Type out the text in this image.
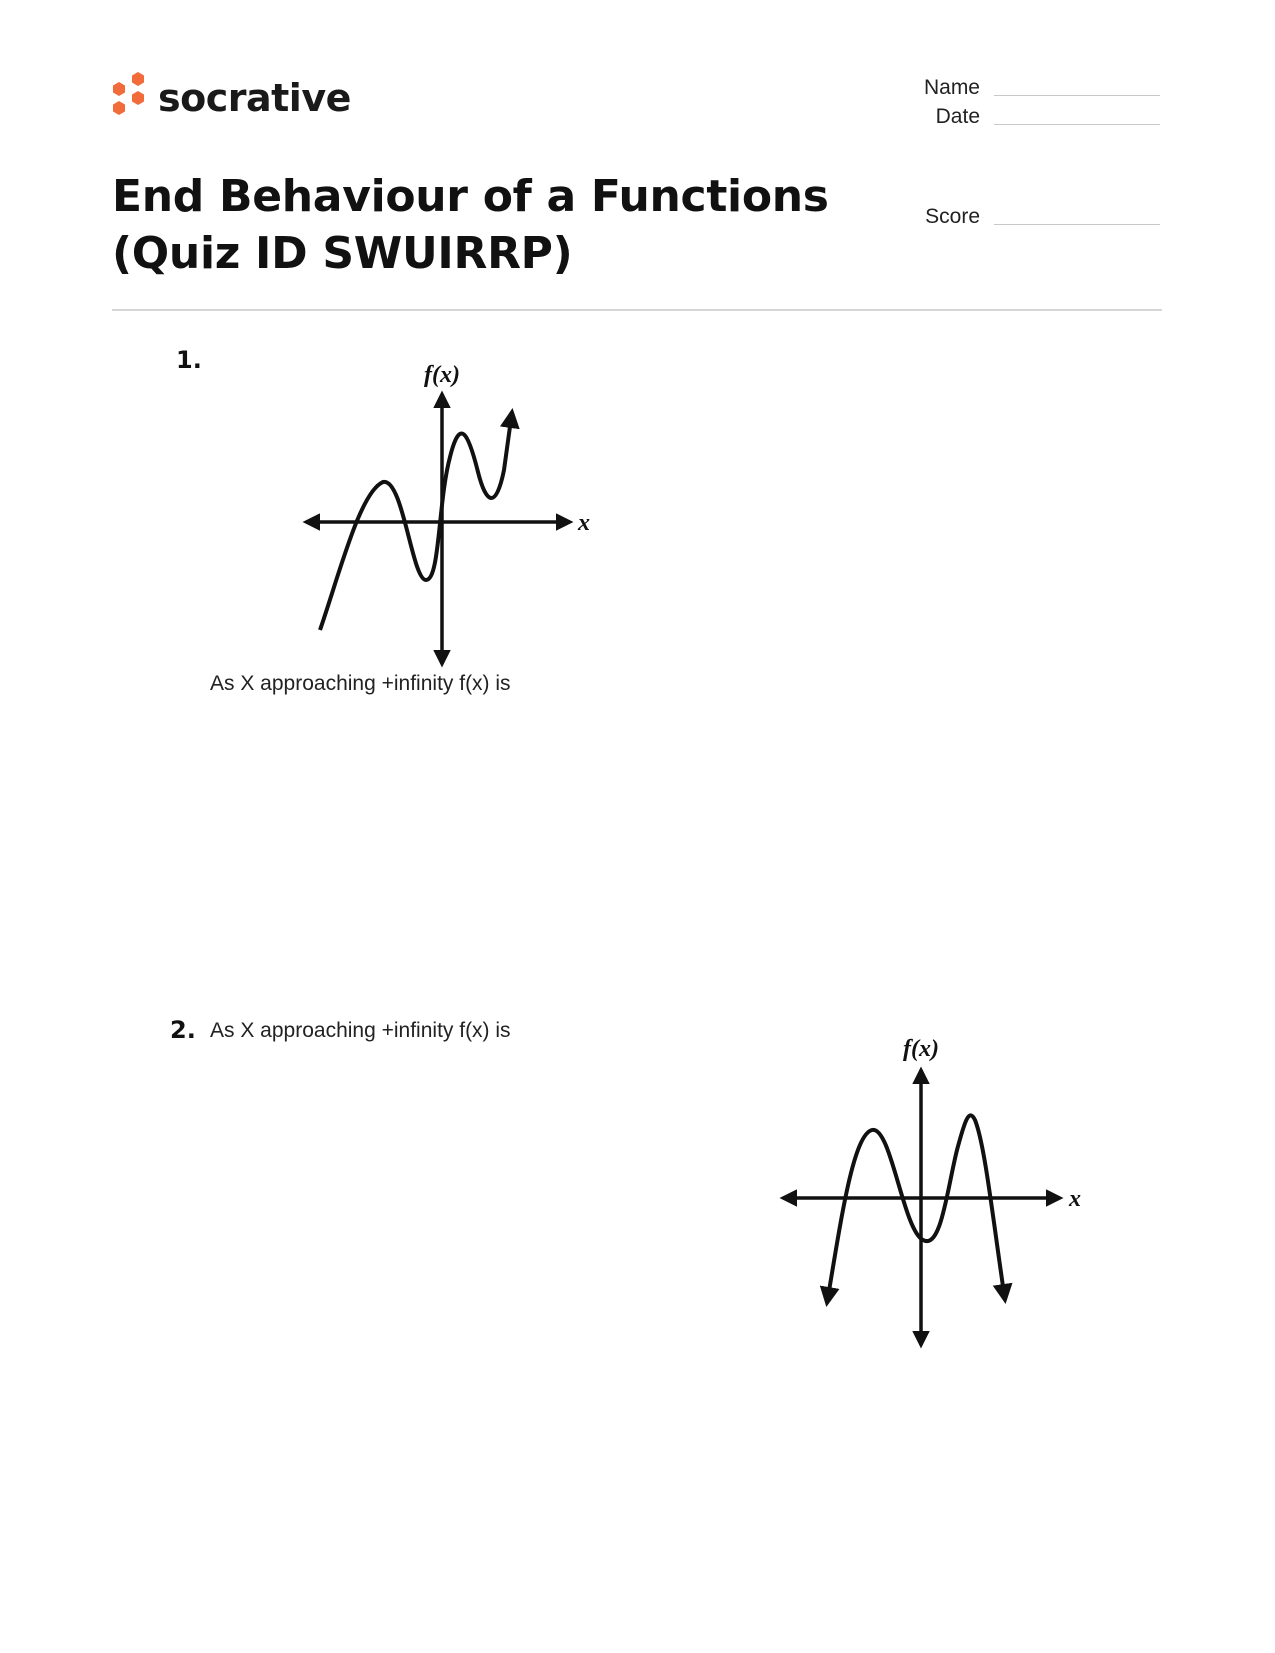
socrative
End Behaviour of a Functions
(Quiz ID SWUIRRP)
Name
Date
Score
1.
f(x)
x
As X approaching +infinity f(x) is
2. As X approaching +infinity f(x) is
f(x)
x
